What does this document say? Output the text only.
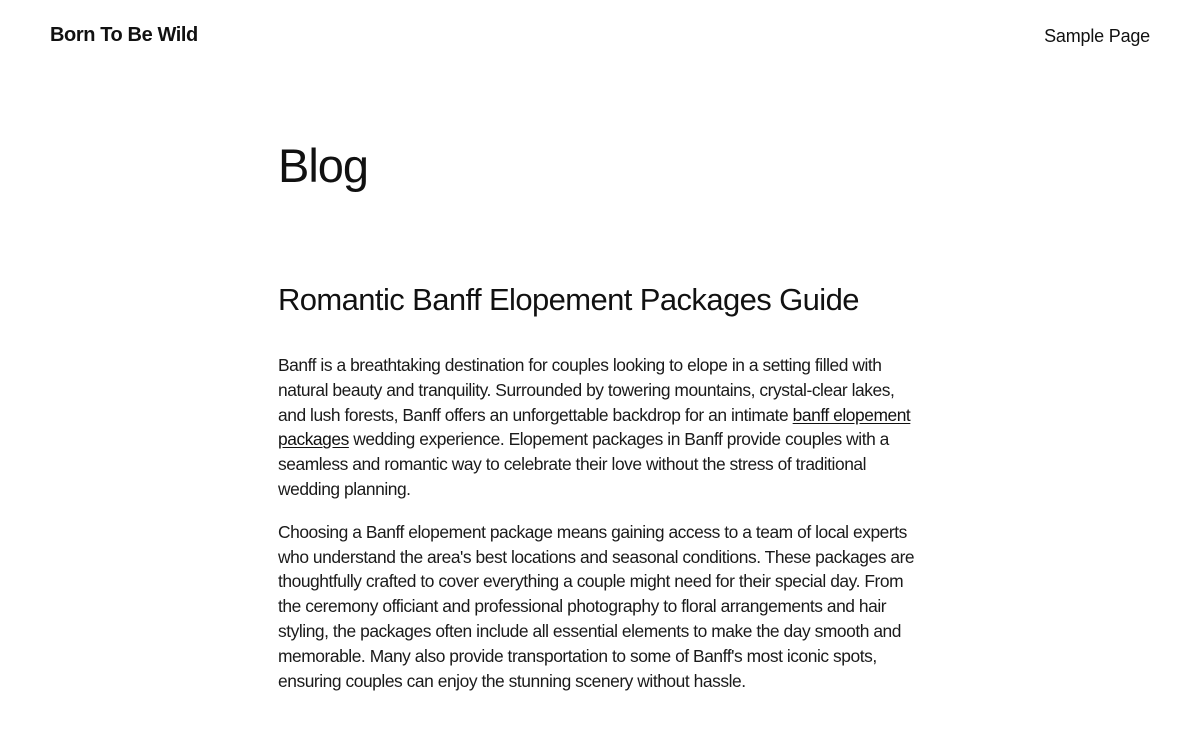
Born To Be Wild	Sample Page
Blog
Romantic Banff Elopement Packages Guide

Banff is a breathtaking destination for couples looking to elope in a setting filled with natural beauty and tranquility. Surrounded by towering mountains, crystal-clear lakes, and lush forests, Banff offers an unforgettable backdrop for an intimate banff elopement packages wedding experience. Elopement packages in Banff provide couples with a seamless and romantic way to celebrate their love without the stress of traditional wedding planning.

Choosing a Banff elopement package means gaining access to a team of local experts who understand the area's best locations and seasonal conditions. These packages are thoughtfully crafted to cover everything a couple might need for their special day. From the ceremony officiant and professional photography to floral arrangements and hair styling, the packages often include all essential elements to make the day smooth and memorable. Many also provide transportation to some of Banff's most iconic spots, ensuring couples can enjoy the stunning scenery without hassle.
